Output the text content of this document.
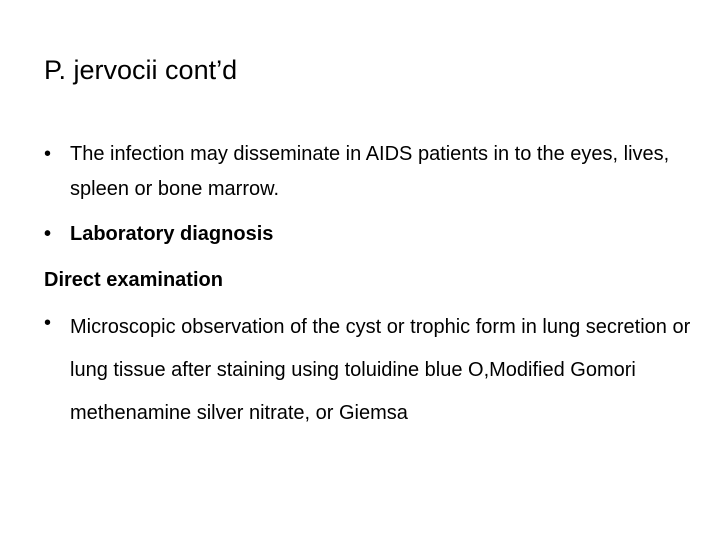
P. jervocii cont’d
• The infection may disseminate in AIDS patients in to the eyes, lives, spleen or bone marrow.
• Laboratory diagnosis
Direct examination
• Microscopic observation of the cyst or trophic form in lung secretion or lung tissue after staining using toluidine blue O,Modified Gomori methenamine silver nitrate, or Giemsa
